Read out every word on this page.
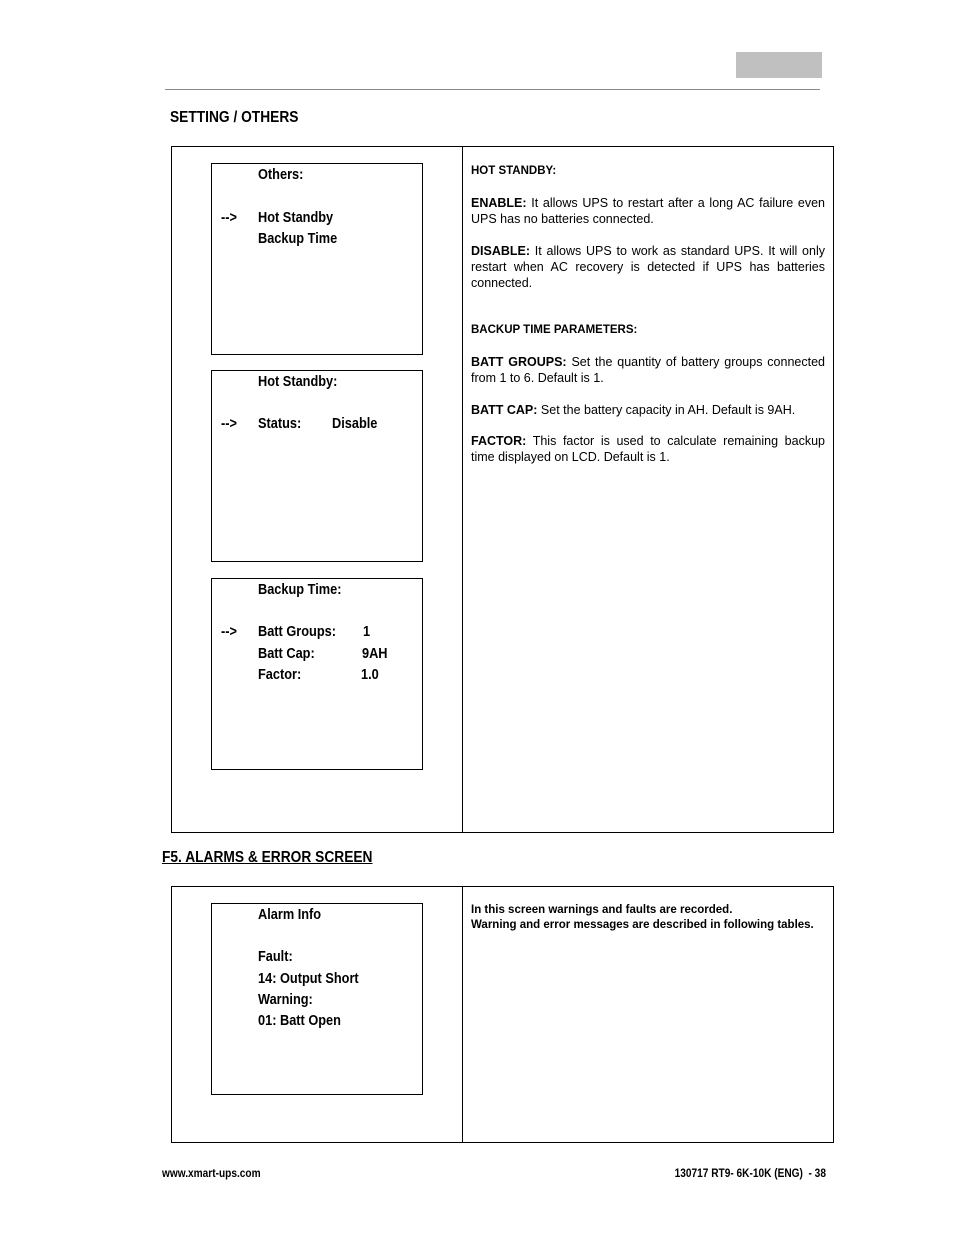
SETTING / OTHERS
Others:
--> Hot Standby
Backup Time
Hot Standby:
--> Status: Disable
Backup Time:
--> Batt Groups: 1
Batt Cap:	9AH
Factor:	1.0

HOT STANDBY:

ENABLE: It allows UPS to restart after a long AC failure even UPS has no batteries connected.

DISABLE: It allows UPS to work as standard UPS. It will only restart when AC recovery is detected if UPS has batteries connected.

BACKUP TIME PARAMETERS:

BATT GROUPS: Set the quantity of battery groups connected from 1 to 6. Default is 1.

BATT CAP: Set the battery capacity in AH. Default is 9AH.

FACTOR: This factor is used to calculate remaining backup time displayed on LCD. Default is 1.

F5. ALARMS & ERROR SCREEN
Alarm Info
Fault:
14: Output Short
Warning:
01: Batt Open

In this screen warnings and faults are recorded.

Warning and error messages are described in following tables.

www.xmart-ups.com	130717 RT9- 6K-10K (ENG) - 38
